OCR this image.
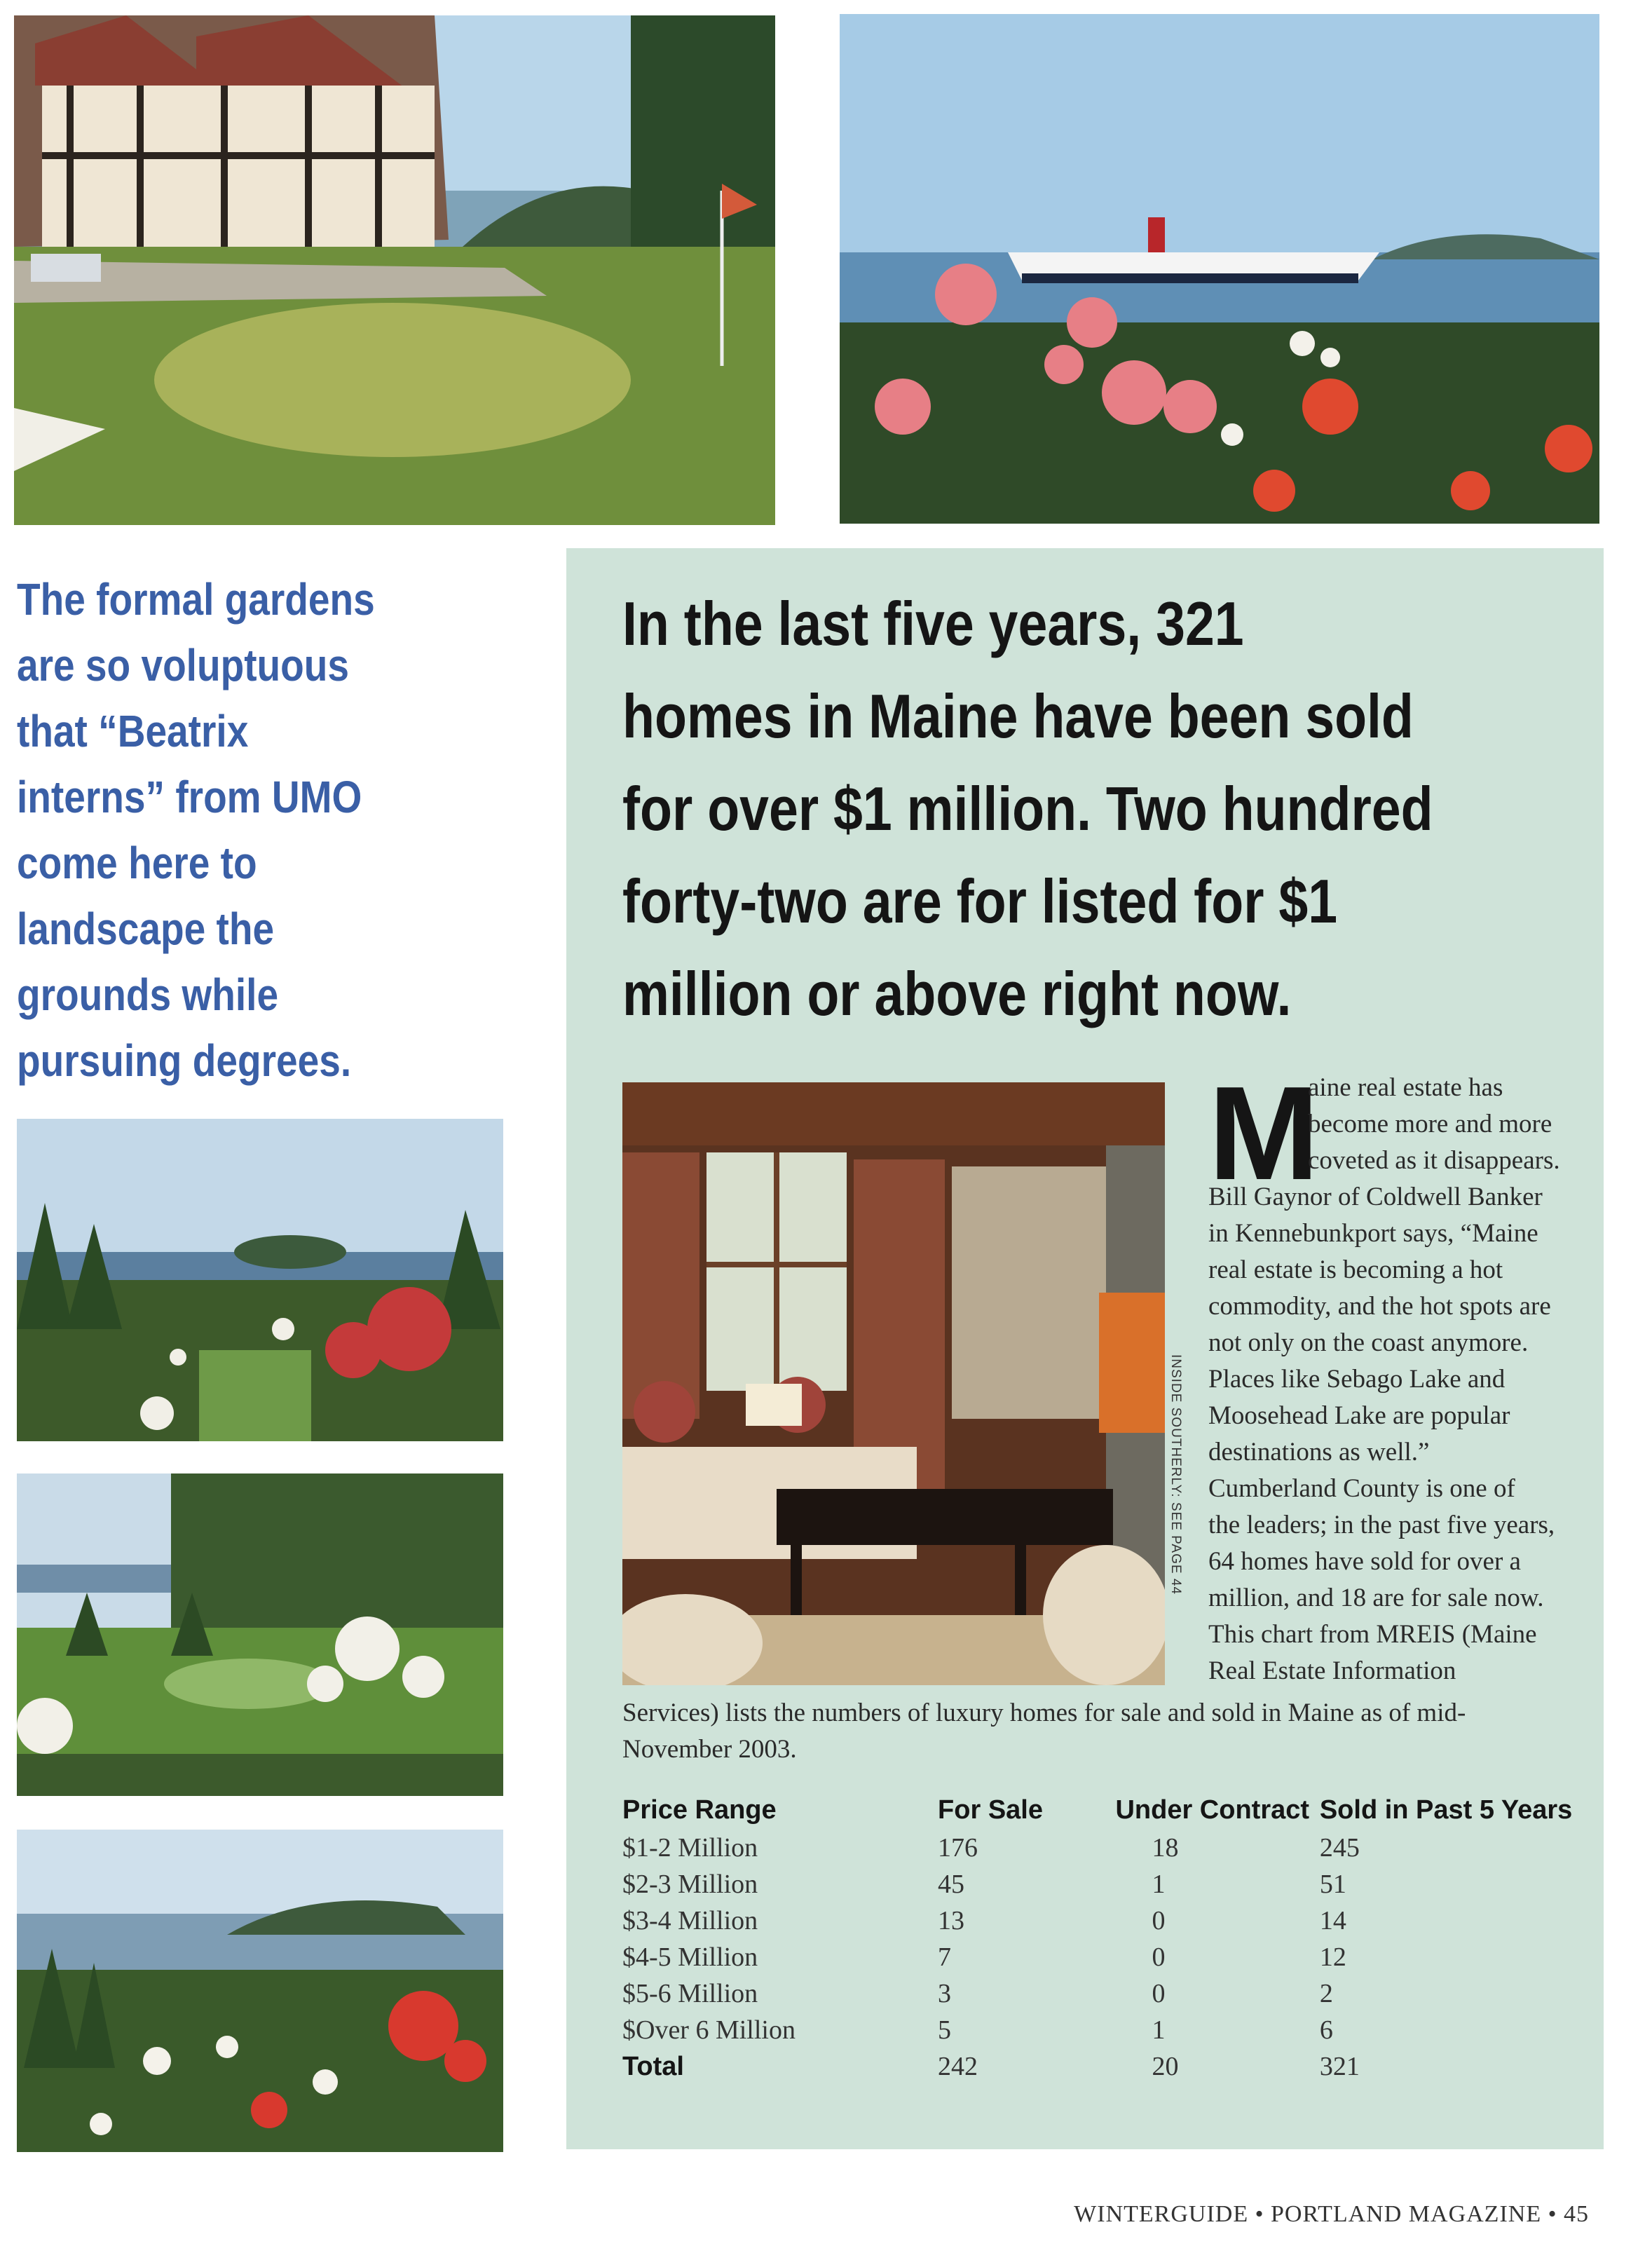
The formal gardens
are so voluptuous
that “Beatrix
interns” from UMO
come here to
landscape the
grounds while
pursuing degrees.
In the last five years, 321
homes in Maine have been sold
for over $1 million. Two hundred
forty-two are for listed for $1
million or above right now.
INSIDE SOUTHERLY: SEE PAGE 44
M

aine real estate has

become more and more

coveted as it disappears.

Bill Gaynor of Coldwell Banker

in Kennebunkport says, “Maine

real estate is becoming a hot

commodity, and the hot spots are

not only on the coast anymore.

Places like Sebago Lake and

Moosehead Lake are popular

destinations as well.”

Cumberland County is one of

the leaders; in the past five years,

64 homes have sold for over a

million, and 18 are for sale now.

This chart from MREIS (Maine

Real Estate Information

Services) lists the numbers of luxury homes for sale and sold in Maine as of mid-

November 2003.

Price Range	For Sale	Under Contract	Sold in Past 5 Years
$1-2 Million	176	18	245
$2-3 Million	45	1	51
$3-4 Million	13	0	14
$4-5 Million	7	0	12
$5-6 Million	3	0	2
$Over 6 Million	5	1	6
Total	242	20	321
WINTERGUIDE • PORTLAND MAGAZINE • 45
